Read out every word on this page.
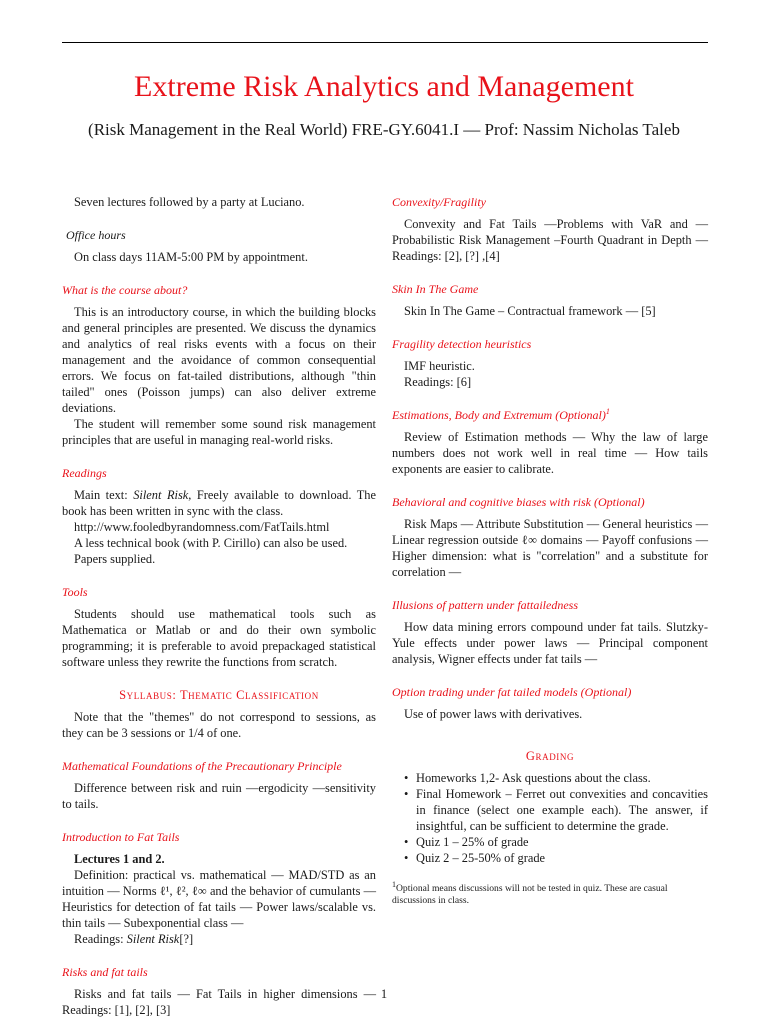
Extreme Risk Analytics and Management
(Risk Management in the Real World) FRE-GY.6041.I — Prof: Nassim Nicholas Taleb

Seven lectures followed by a party at Luciano.

Office hours

On class days 11AM-5:00 PM by appointment.

What is the course about?

This is an introductory course, in which the building blocks and general principles are presented. We discuss the dynamics and analytics of real risks events with a focus on their management and the avoidance of common consequential errors. We focus on fat-tailed distributions, although "thin tailed" ones (Poisson jumps) can also deliver extreme deviations.

The student will remember some sound risk management principles that are useful in managing real-world risks.

Readings

Main text: Silent Risk, Freely available to download. The book has been written in sync with the class.

http://www.fooledbyrandomness.com/FatTails.html

A less technical book (with P. Cirillo) can also be used.

Papers supplied.

Tools

Students should use mathematical tools such as Mathematica or Matlab or and do their own symbolic programming; it is preferable to avoid prepackaged statistical software unless they rewrite the functions from scratch.

Syllabus: Thematic Classification

Note that the "themes" do not correspond to sessions, as they can be 3 sessions or 1/4 of one.

Mathematical Foundations of the Precautionary Principle

Difference between risk and ruin —ergodicity —sensitivity to tails.

Introduction to Fat Tails

Lectures 1 and 2.

Definition: practical vs. mathematical — MAD/STD as an intuition — Norms ℓ¹, ℓ², ℓ∞ and the behavior of cumulants — Heuristics for detection of fat tails — Power laws/scalable vs. thin tails — Subexponential class —

Readings: Silent Risk[?]

Risks and fat tails

Risks and fat tails — Fat Tails in higher dimensions — Readings: [1], [2], [3]

Convexity/Fragility

Convexity and Fat Tails —Problems with VaR and —Probabilistic Risk Management –Fourth Quadrant in Depth — Readings: [2], [?] ,[4]

Skin In The Game

Skin In The Game – Contractual framework — [5]

Fragility detection heuristics

IMF heuristic.

Readings: [6]

Estimations, Body and Extremum (Optional)$^1$

Review of Estimation methods — Why the law of large numbers does not work well in real time — How tails exponents are easier to calibrate.

Behavioral and cognitive biases with risk (Optional)

Risk Maps — Attribute Substitution — General heuristics — Linear regression outside ℓ∞ domains — Payoff confusions — Higher dimension: what is "correlation" and a substitute for correlation —

Illusions of pattern under fattailedness

How data mining errors compound under fat tails. Slutzky-Yule effects under power laws — Principal component analysis, Wigner effects under fat tails —

Option trading under fat tailed models (Optional)

Use of power laws with derivatives.

Grading
• Homeworks 1,2- Ask questions about the class.
• Final Homework – Ferret out convexities and concavities in finance (select one example each). The answer, if insightful, can be sufficient to determine the grade.
• Quiz 1 – 25% of grade
• Quiz 2 – 25-50% of grade
$^1$Optional means discussions will not be tested in quiz. These are casual discussions in class.
1
